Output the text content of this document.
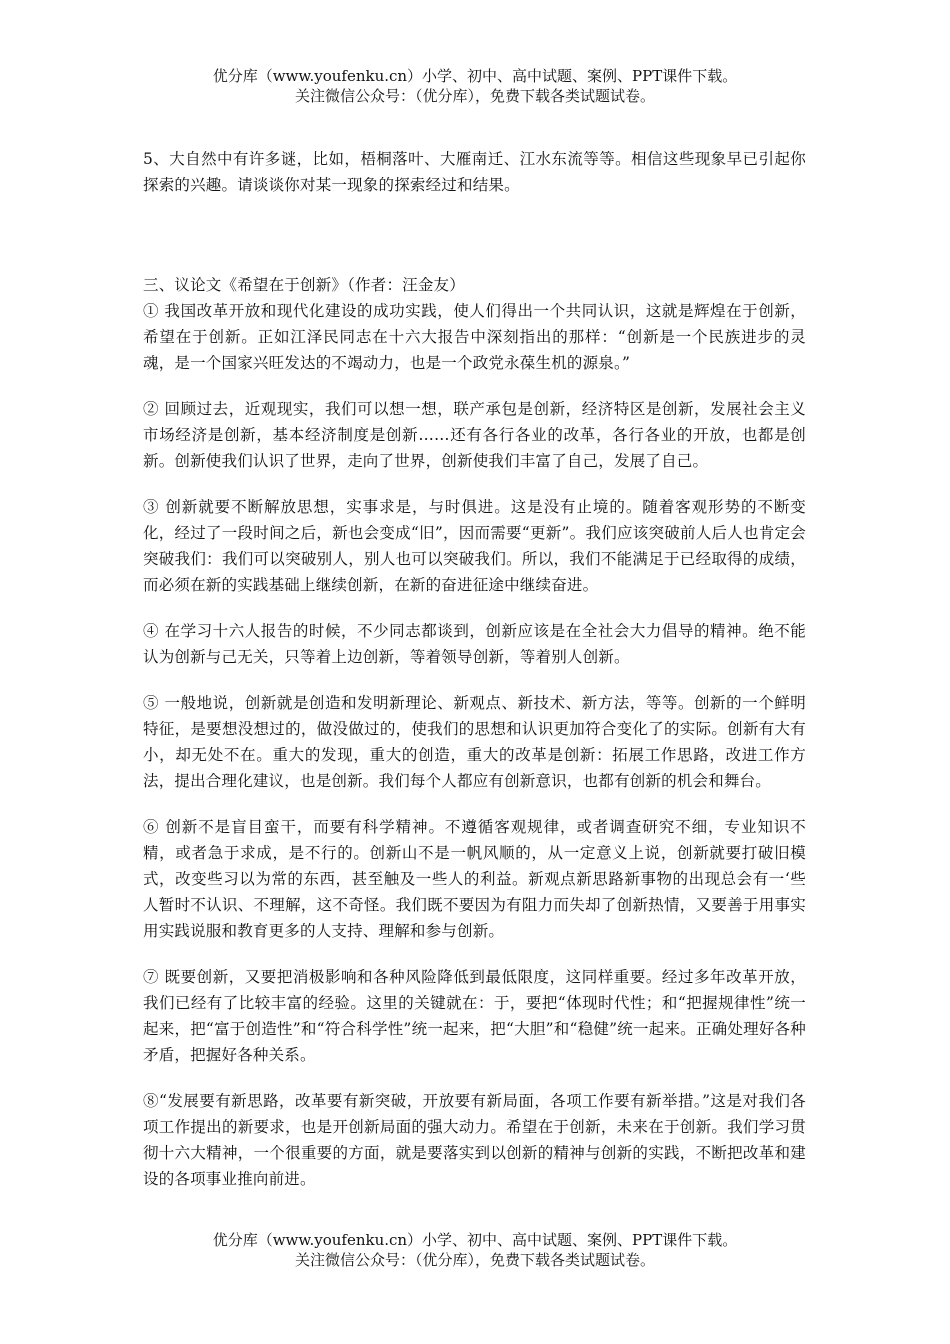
优分库（www.youfenku.cn）小学、初中、高中试题、案例、PPT课件下载。
关注微信公众号：（优分库），免费下载各类试题试卷。
5、大自然中有许多谜，比如，梧桐落叶、大雁南迁、江水东流等等。相信这些现象早已引起你探索的兴趣。请谈谈你对某一现象的探索经过和结果。

三、议论文《希望在于创新》（作者：汪金友）

① 我国改革开放和现代化建设的成功实践，使人们得出一个共同认识，这就是辉煌在于创新，希望在于创新。正如江泽民同志在十六大报告中深刻指出的那样：“创新是一个民族进步的灵魂，是一个国家兴旺发达的不竭动力，也是一个政党永葆生机的源泉。”

② 回顾过去，近观现实，我们可以想一想，联产承包是创新，经济特区是创新，发展社会主义市场经济是创新，基本经济制度是创新……还有各行各业的改革，各行各业的开放，也都是创新。创新使我们认识了世界，走向了世界，创新使我们丰富了自己，发展了自己。

③ 创新就要不断解放思想，实事求是，与时俱进。这是没有止境的。随着客观形势的不断变化，经过了一段时间之后，新也会变成“旧”，因而需要“更新”。我们应该突破前人后人也肯定会突破我们：我们可以突破别人，别人也可以突破我们。所以，我们不能满足于已经取得的成绩，而必须在新的实践基础上继续创新，在新的奋进征途中继续奋进。

④ 在学习十六人报告的时候，不少同志都谈到，创新应该是在全社会大力倡导的精神。绝不能认为创新与己无关，只等着上边创新，等着领导创新，等着别人创新。

⑤ 一般地说，创新就是创造和发明新理论、新观点、新技术、新方法，等等。创新的一个鲜明特征，是要想没想过的，做没做过的，使我们的思想和认识更加符合变化了的实际。创新有大有小，却无处不在。重大的发现，重大的创造，重大的改革是创新：拓展工作思路，改进工作方法，提出合理化建议，也是创新。我们每个人都应有创新意识，也都有创新的机会和舞台。

⑥ 创新不是盲目蛮干，而要有科学精神。不遵循客观规律，或者调查研究不细，专业知识不精，或者急于求成，是不行的。创新山不是一帆风顺的，从一定意义上说，创新就要打破旧模式，改变些习以为常的东西，甚至触及一些人的利益。新观点新思路新事物的出现总会有一‘些人暂时不认识、不理解，这不奇怪。我们既不要因为有阻力而失却了创新热情，又要善于用事实用实践说服和教育更多的人支持、理解和参与创新。

⑦ 既要创新，又要把消极影响和各种风险降低到最低限度，这同样重要。经过多年改革开放，我们已经有了比较丰富的经验。这里的关键就在：于，要把“体现时代性；和“把握规律性”统一起来，把“富于创造性”和“符合科学性”统一起来，把“大胆”和“稳健”统一起来。正确处理好各种矛盾，把握好各种关系。

⑧“发展要有新思路，改革要有新突破，开放要有新局面，各项工作要有新举措。”这是对我们各项工作提出的新要求，也是开创新局面的强大动力。希望在于创新，未来在于创新。我们学习贯彻十六大精神，一个很重要的方面，就是要落实到以创新的精神与创新的实践，不断把改革和建设的各项事业推向前进。

优分库（www.youfenku.cn）小学、初中、高中试题、案例、PPT课件下载。
关注微信公众号：（优分库），免费下载各类试题试卷。
